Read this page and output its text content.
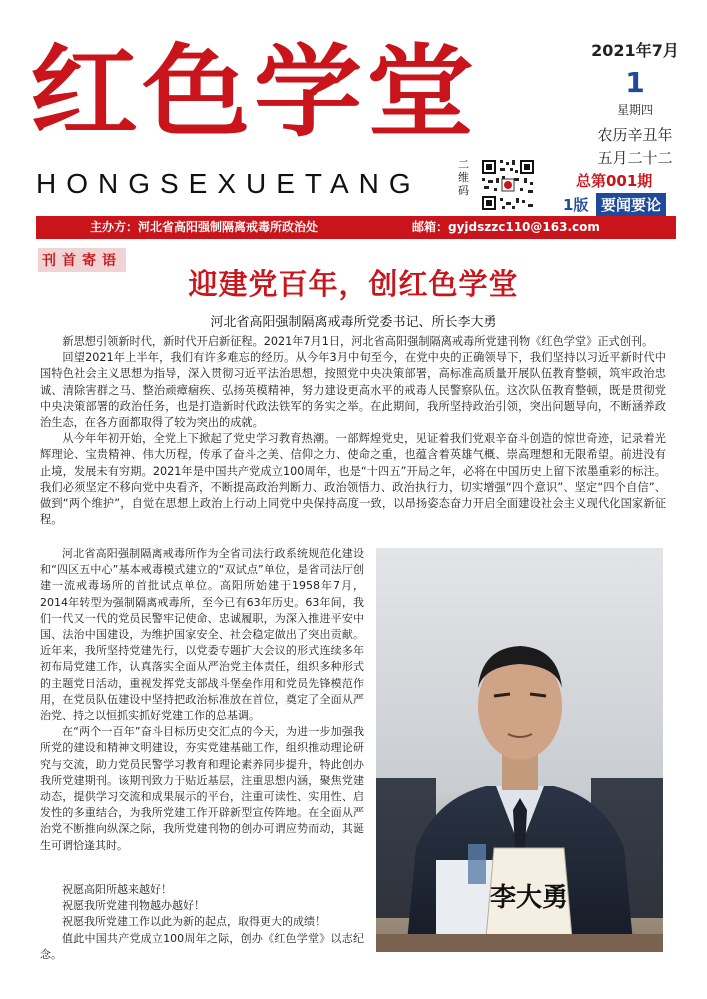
红色学堂
HONGSEXUETANG
二维码
2021年7月
1
星期四
农历辛丑年
五月二十二
总第001期
1版 要闻要论
主办方：河北省高阳强制隔离戒毒所政治处	邮箱：gyjdszzc110@163.com
刊首寄语
迎建党百年，创红色学堂
河北省高阳强制隔离戒毒所党委书记、所长李大勇

新思想引领新时代，新时代开启新征程。2021年7月1日，河北省高阳强制隔离戒毒所党建刊物《红色学堂》正式创刊。

回望2021年上半年，我们有许多难忘的经历。从今年3月中旬至今，在党中央的正确领导下，我们坚持以习近平新时代中国特色社会主义思想为指导，深入贯彻习近平法治思想，按照党中央决策部署，高标准高质量开展队伍教育整顿，筑牢政治忠诚、清除害群之马、整治顽瘴痼疾、弘扬英模精神，努力建设更高水平的戒毒人民警察队伍。这次队伍教育整顿，既是贯彻党中央决策部署的政治任务，也是打造新时代政法铁军的务实之举。在此期间，我所坚持政治引领，突出问题导向，不断涵养政治生态，在各方面都取得了较为突出的成就。

从今年年初开始，全党上下掀起了党史学习教育热潮。一部辉煌党史，见证着我们党艰辛奋斗创造的惊世奇迹，记录着光辉理论、宝贵精神、伟大历程，传承了奋斗之美、信仰之力、使命之重，也蕴含着英雄气概、崇高理想和无限希望。前进没有止境，发展未有穷期。2021年是中国共产党成立100周年，也是“十四五”开局之年，必将在中国历史上留下浓墨重彩的标注。我们必须坚定不移向党中央看齐，不断提高政治判断力、政治领悟力、政治执行力，切实增强“四个意识”、坚定“四个自信”、做到“两个维护”，自觉在思想上政治上行动上同党中央保持高度一致，以昂扬姿态奋力开启全面建设社会主义现代化国家新征程。

河北省高阳强制隔离戒毒所作为全省司法行政系统规范化建设和“四区五中心”基本戒毒模式建立的“双试点”单位，是省司法厅创建一流戒毒场所的首批试点单位。高阳所始建于1958年7月，2014年转型为强制隔离戒毒所，至今已有63年历史。63年间，我们一代又一代的党员民警牢记使命、忠诚履职，为深入推进平安中国、法治中国建设，为维护国家安全、社会稳定做出了突出贡献。近年来，我所坚持党建先行，以党委专题扩大会议的形式连续多年初布局党建工作，认真落实全面从严治党主体责任，组织多种形式的主题党日活动，重视发挥党支部战斗堡垒作用和党员先锋模范作用，在党员队伍建设中坚持把政治标准放在首位，奠定了全面从严治党、持之以恒抓实抓好党建工作的总基调。

在“两个一百年”奋斗目标历史交汇点的今天，为进一步加强我所党的建设和精神文明建设，夯实党建基础工作，组织推动理论研究与交流，助力党员民警学习教育和理论素养同步提升，特此创办我所党建期刊。该期刊致力于贴近基层，注重思想内涵，聚焦党建动态，提供学习交流和成果展示的平台，注重可读性、实用性、启发性的多重结合，为我所党建工作开辟新型宣传阵地。在全面从严治党不断推向纵深之际，我所党建刊物的创办可谓应势而动，其诞生可谓恰逢其时。

祝愿高阳所越来越好！

祝愿我所党建刊物越办越好！

祝愿我所党建工作以此为新的起点，取得更大的成绩！

值此中国共产党成立100周年之际，创办《红色学堂》以志纪念。

李大勇
